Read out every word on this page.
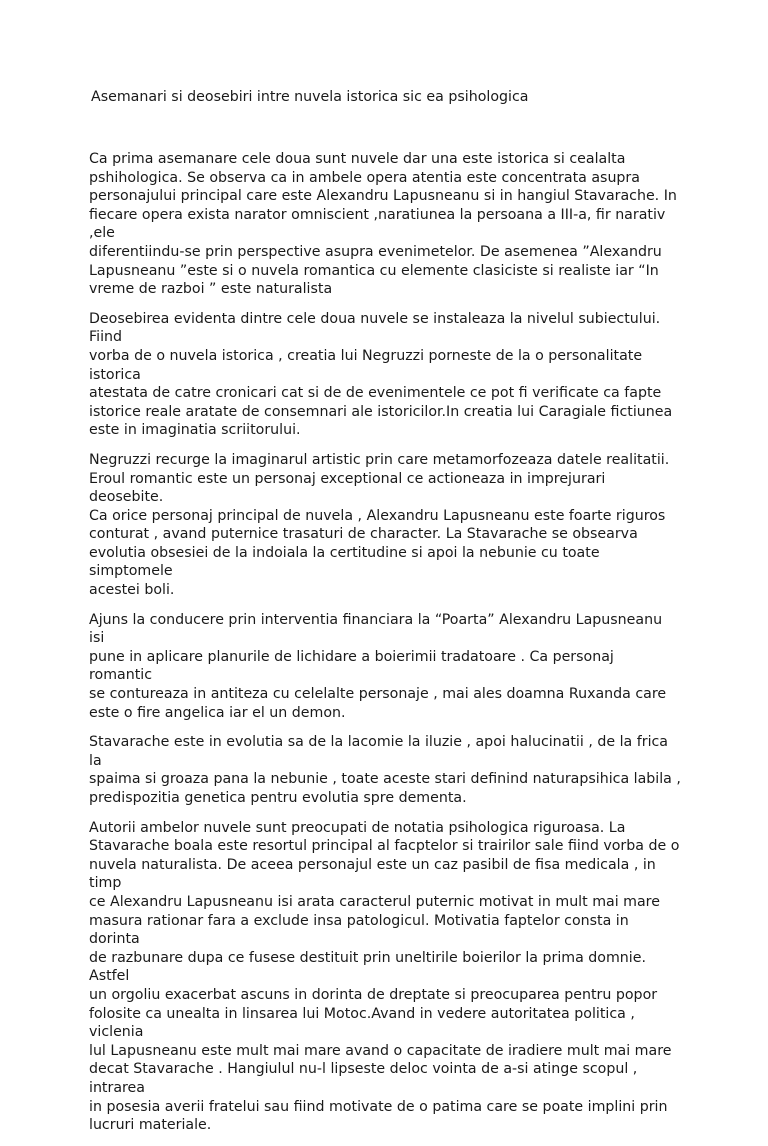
Asemanari si deosebiri intre nuvela istorica sic ea psihologica

Ca prima asemanare cele doua sunt nuvele dar una este istorica si cealalta
pshihologica. Se observa ca in ambele opera atentia este concentrata asupra
personajului principal care este Alexandru Lapusneanu si in hangiul Stavarache. In
fiecare opera exista narator omniscient ,naratiunea la persoana a III-a, fir narativ ,ele
diferentiindu-se prin perspective asupra evenimetelor. De asemenea ”Alexandru
Lapusneanu ”este si o nuvela romantica cu elemente clasiciste si realiste iar “In
vreme de razboi ” este naturalista

Deosebirea evidenta dintre cele doua nuvele se instaleaza la nivelul subiectului. Fiind
vorba de o nuvela istorica , creatia lui Negruzzi porneste de la o personalitate istorica
atestata de catre cronicari cat si de de evenimentele ce pot fi verificate ca fapte
istorice reale aratate de consemnari ale istoricilor.In creatia lui Caragiale fictiunea
este in imaginatia scriitorului.

Negruzzi recurge la imaginarul artistic prin care metamorfozeaza datele realitatii.
Eroul romantic este un personaj exceptional ce actioneaza in imprejurari deosebite.
Ca orice personaj principal de nuvela , Alexandru Lapusneanu este foarte riguros
conturat , avand puternice trasaturi de character. La Stavarache se obsearva
evolutia obsesiei de la indoiala la certitudine si apoi la nebunie cu toate simptomele
acestei boli.

Ajuns la conducere prin interventia financiara la “Poarta” Alexandru Lapusneanu isi
pune in aplicare planurile de lichidare a boierimii tradatoare . Ca personaj romantic
se contureaza in antiteza cu celelalte personaje , mai ales doamna Ruxanda care
este o fire angelica iar el un demon.

Stavarache este in evolutia sa de la lacomie la iluzie , apoi halucinatii , de la frica la
spaima si groaza pana la nebunie , toate aceste stari definind naturapsihica labila ,
predispozitia genetica pentru evolutia spre dementa.

Autorii ambelor nuvele sunt preocupati de notatia psihologica riguroasa. La
Stavarache boala este resortul principal al facptelor si trairilor sale fiind vorba de o
nuvela naturalista. De aceea personajul este un caz pasibil de fisa medicala , in timp
ce Alexandru Lapusneanu isi arata caracterul puternic motivat in mult mai mare
masura rationar fara a exclude insa patologicul. Motivatia faptelor consta in dorinta
de razbunare dupa ce fusese destituit prin uneltirile boierilor la prima domnie. Astfel
un orgoliu exacerbat ascuns in dorinta de dreptate si preocuparea pentru popor
folosite ca unealta in linsarea lui Motoc.Avand in vedere autoritatea politica , viclenia
lul Lapusneanu este mult mai mare avand o capacitate de iradiere mult mai mare
decat Stavarache . Hangiulul nu-l lipseste deloc vointa de a-si atinge scopul , intrarea
in posesia averii fratelui sau fiind motivate de o patima care se poate implini prin
lucruri materiale.
